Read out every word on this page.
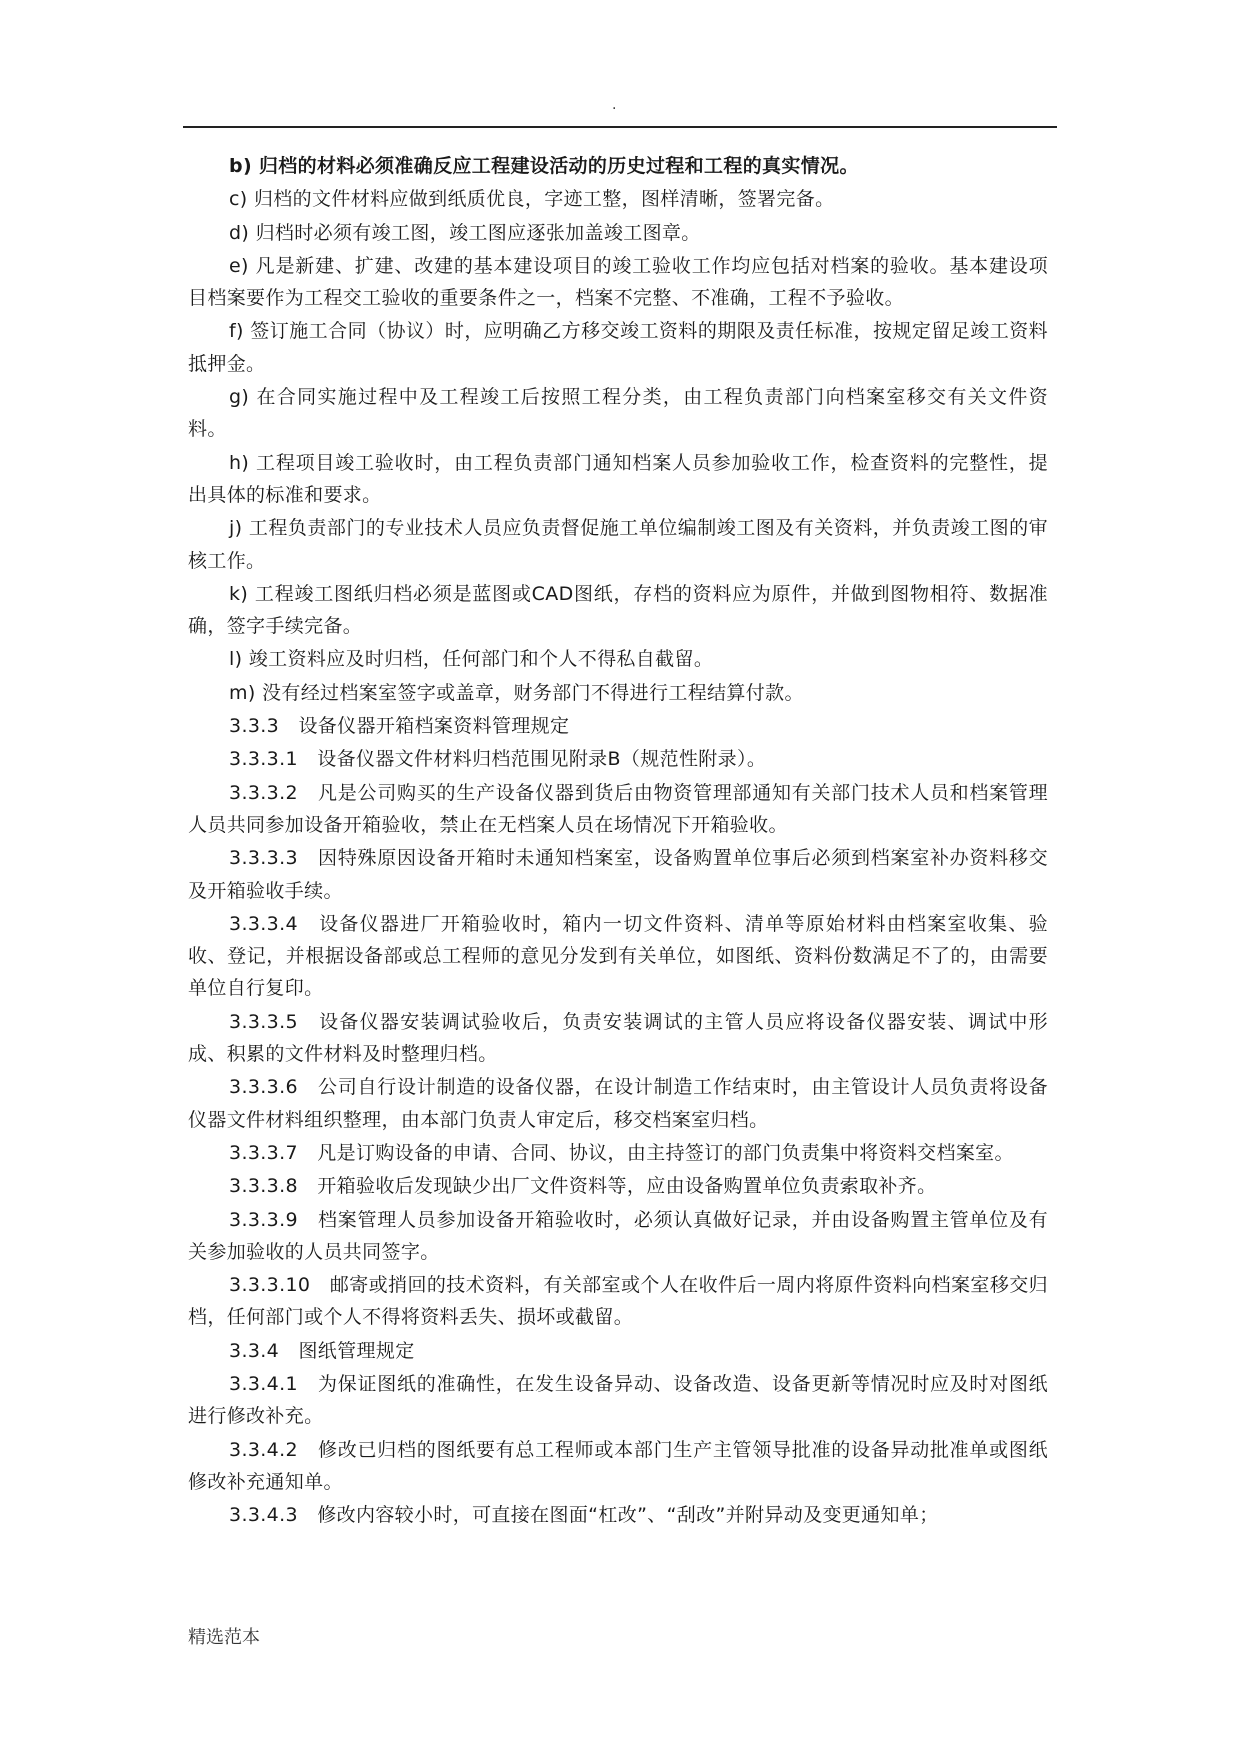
.

b) 归档的材料必须准确反应工程建设活动的历史过程和工程的真实情况。

c) 归档的文件材料应做到纸质优良，字迹工整，图样清晰，签署完备。

d) 归档时必须有竣工图，竣工图应逐张加盖竣工图章。

e) 凡是新建、扩建、改建的基本建设项目的竣工验收工作均应包括对档案的验收。基本建设项目档案要作为工程交工验收的重要条件之一，档案不完整、不准确，工程不予验收。

f) 签订施工合同（协议）时，应明确乙方移交竣工资料的期限及责任标准，按规定留足竣工资料抵押金。

g) 在合同实施过程中及工程竣工后按照工程分类，由工程负责部门向档案室移交有关文件资料。

h) 工程项目竣工验收时，由工程负责部门通知档案人员参加验收工作，检查资料的完整性，提出具体的标准和要求。

j) 工程负责部门的专业技术人员应负责督促施工单位编制竣工图及有关资料，并负责竣工图的审核工作。

k) 工程竣工图纸归档必须是蓝图或CAD图纸，存档的资料应为原件，并做到图物相符、数据准确，签字手续完备。

l) 竣工资料应及时归档，任何部门和个人不得私自截留。

m) 没有经过档案室签字或盖章，财务部门不得进行工程结算付款。

3.3.3　设备仪器开箱档案资料管理规定

3.3.3.1　设备仪器文件材料归档范围见附录B（规范性附录）。

3.3.3.2　凡是公司购买的生产设备仪器到货后由物资管理部通知有关部门技术人员和档案管理人员共同参加设备开箱验收，禁止在无档案人员在场情况下开箱验收。

3.3.3.3　因特殊原因设备开箱时未通知档案室，设备购置单位事后必须到档案室补办资料移交及开箱验收手续。

3.3.3.4　设备仪器进厂开箱验收时，箱内一切文件资料、清单等原始材料由档案室收集、验收、登记，并根据设备部或总工程师的意见分发到有关单位，如图纸、资料份数满足不了的，由需要单位自行复印。

3.3.3.5　设备仪器安装调试验收后，负责安装调试的主管人员应将设备仪器安装、调试中形成、积累的文件材料及时整理归档。

3.3.3.6　公司自行设计制造的设备仪器，在设计制造工作结束时，由主管设计人员负责将设备仪器文件材料组织整理，由本部门负责人审定后，移交档案室归档。

3.3.3.7　凡是订购设备的申请、合同、协议，由主持签订的部门负责集中将资料交档案室。

3.3.3.8　开箱验收后发现缺少出厂文件资料等，应由设备购置单位负责索取补齐。

3.3.3.9　档案管理人员参加设备开箱验收时，必须认真做好记录，并由设备购置主管单位及有关参加验收的人员共同签字。

3.3.3.10　邮寄或捎回的技术资料，有关部室或个人在收件后一周内将原件资料向档案室移交归档，任何部门或个人不得将资料丢失、损坏或截留。

3.3.4　图纸管理规定

3.3.4.1　为保证图纸的准确性，在发生设备异动、设备改造、设备更新等情况时应及时对图纸进行修改补充。

3.3.4.2　修改已归档的图纸要有总工程师或本部门生产主管领导批准的设备异动批准单或图纸修改补充通知单。

3.3.4.3　修改内容较小时，可直接在图面“杠改”、“刮改”并附异动及变更通知单；

精选范本
